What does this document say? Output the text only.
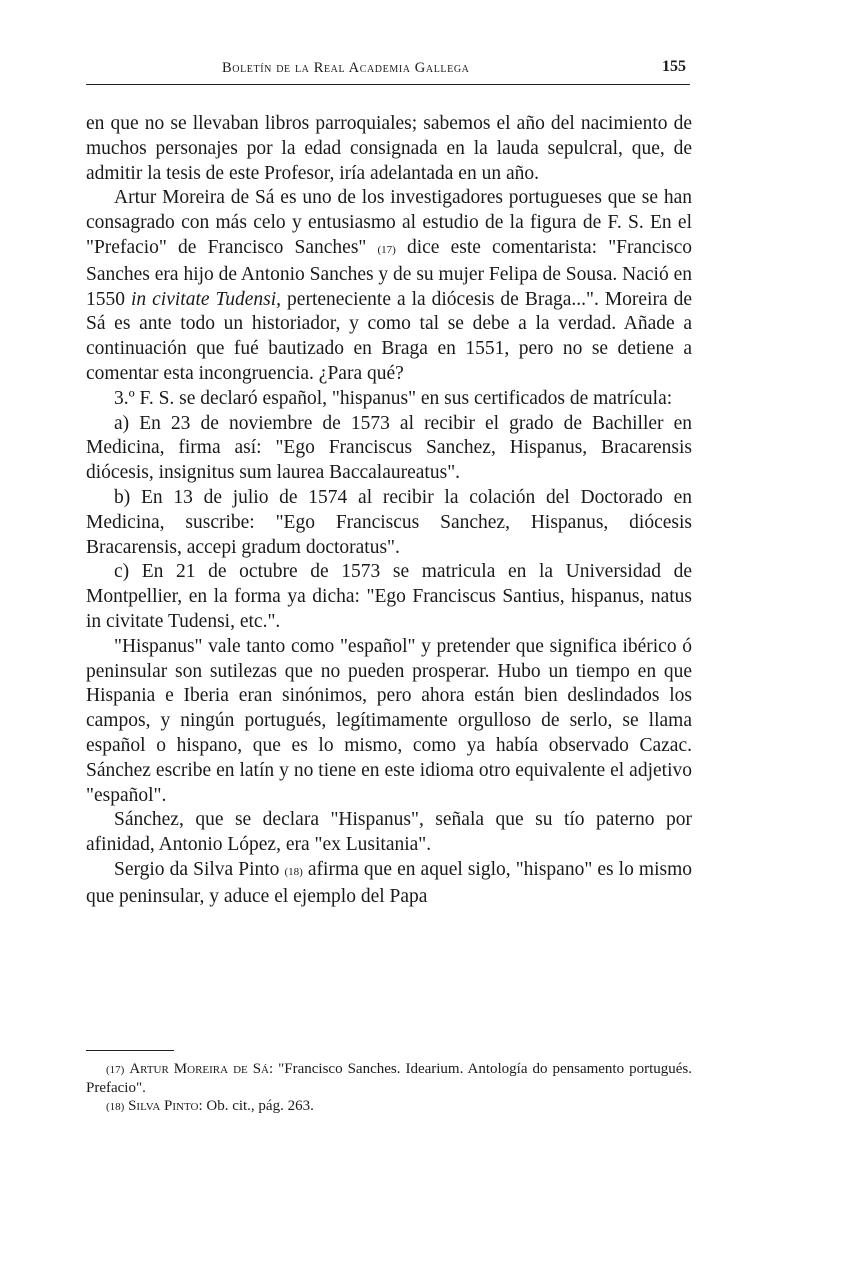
Boletín de la Real Academia Gallega	155

en que no se llevaban libros parroquiales; sabemos el año del nacimiento de muchos personajes por la edad consignada en la lauda sepulcral, que, de admitir la tesis de este Profesor, iría adelantada en un año.

Artur Moreira de Sá es uno de los investigadores portugueses que se han consagrado con más celo y entusiasmo al estudio de la figura de F. S. En el "Prefacio" de Francisco Sanches" (17) dice este comentarista: "Francisco Sanches era hijo de Antonio Sanches y de su mujer Felipa de Sousa. Nació en 1550 in civitate Tudensi, perteneciente a la diócesis de Braga...". Moreira de Sá es ante todo un historiador, y como tal se debe a la verdad. Añade a continuación que fué bautizado en Braga en 1551, pero no se detiene a comentar esta incongruencia. ¿Para qué?

3.º F. S. se declaró español, "hispanus" en sus certificados de matrícula:

a) En 23 de noviembre de 1573 al recibir el grado de Bachiller en Medicina, firma así: "Ego Franciscus Sanchez, Hispanus, Bracarensis diócesis, insignitus sum laurea Baccalaureatus".

b) En 13 de julio de 1574 al recibir la colación del Doctorado en Medicina, suscribe: "Ego Franciscus Sanchez, Hispanus, diócesis Bracarensis, accepi gradum doctoratus".

c) En 21 de octubre de 1573 se matricula en la Universidad de Montpellier, en la forma ya dicha: "Ego Franciscus Santius, hispanus, natus in civitate Tudensi, etc.".

"Hispanus" vale tanto como "español" y pretender que significa ibérico ó peninsular son sutilezas que no pueden prosperar. Hubo un tiempo en que Hispania e Iberia eran sinónimos, pero ahora están bien deslindados los campos, y ningún portugués, legítimamente orgulloso de serlo, se llama español o hispano, que es lo mismo, como ya había observado Cazac. Sánchez escribe en latín y no tiene en este idioma otro equivalente el adjetivo "español".

Sánchez, que se declara "Hispanus", señala que su tío paterno por afinidad, Antonio López, era "ex Lusitania".

Sergio da Silva Pinto (18) afirma que en aquel siglo, "hispano" es lo mismo que peninsular, y aduce el ejemplo del Papa

(17) Artur Moreira de Sá: "Francisco Sanches. Idearium. Antología do pensamento portugués. Prefacio".

(18) Silva Pinto: Ob. cit., pág. 263.
